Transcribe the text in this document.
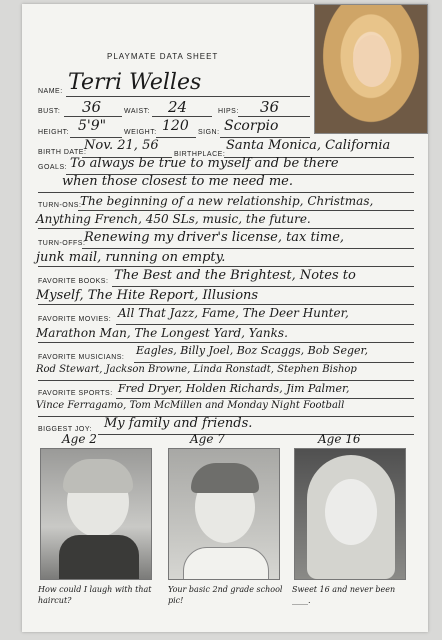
PLAYMATE DATA SHEET
NAME: Terri Welles
BUST: 36	WAIST: 24	HIPS: 36
HEIGHT: 5'9"	WEIGHT: 120 SIGN: Scorpio
BIRTH DATE:
Nov. 21, 56
BIRTHPLACE:
Santa Monica, California
GOALS: To always be true to myself and be there
when those closest to me need me.
TURN-ONS:
The beginning of a new relationship, Christmas,
Anything French, 450 SLs, music, the future.
TURN-OFFS:
Renewing my driver's license, tax time,
junk mail, running on empty.
FAVORITE BOOKS: The Best and the Brightest, Notes to
Myself, The Hite Report, Illusions
FAVORITE MOVIES: All That Jazz, Fame, The Deer Hunter,
Marathon Man, The Longest Yard, Yanks.
FAVORITE MUSICIANS:
Eagles, Billy Joel, Boz Scaggs, Bob Seger,
Rod Stewart, Jackson Browne, Linda Ronstadt, Stephen Bishop
FAVORITE SPORTS: Fred Dryer, Holden Richards, Jim Palmer,
Vince Ferragamo, Tom McMillen and Monday Night Football
BIGGEST JOY: My family and friends.
Age 2
How could I laugh with that haircut?
Age 7
Your basic 2nd grade school pic!
Age 16
Sweet 16 and never been ____.
